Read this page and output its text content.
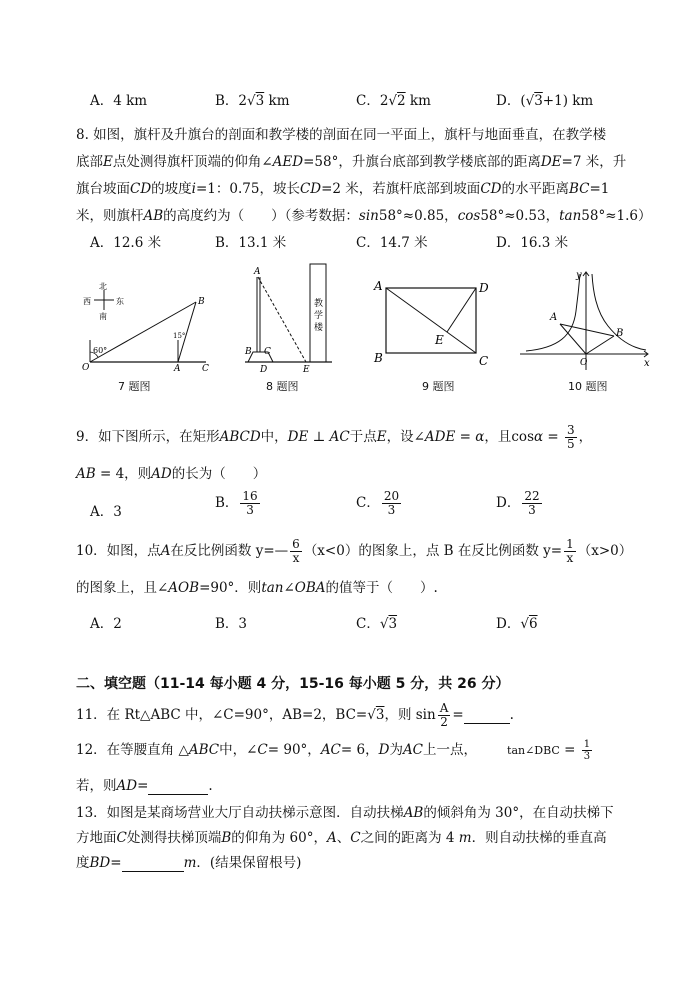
A．4 km	B．2√3 km	C．2√2 km	D．(√3+1) km
8. 如图，旗杆及升旗台的剖面和教学楼的剖面在同一平面上，旗杆与地面垂直，在教学楼
底部E点处测得旗杆顶端的仰角∠AED=58°，升旗台底部到教学楼底部的距离DE=7 米，升
旗台坡面CD的坡度i=1：0.75，坡长CD=2 米，若旗杆底部到坡面CD的水平距离BC=1
米，则旗杆AB的高度约为（　　）（参考数据：sin58°≈0.85，cos58°≈0.53，tan58°≈1.6）
A．12.6 米	B．13.1 米	C．14.7 米	D．16.3 米
北
西	东
南
60°
15°
O	A
B
C
7 题图
教
学
楼
A
B C
D	E
8 题图
A	D
B	C
E
9 题图
y
x
A
B
O
10 题图
9．如下图所示，在矩形ABCD中，DE ⊥ AC于点E，设∠ADE = α，且$\cos\alpha = \frac{3}{5}$ ，
AB = 4，则AD的长为（　　）
A．3
B． $\frac{16}{3}$	C． $\frac{20}{3}$	D． $\frac{22}{3}$
10．如图，点A在反比例函数 y=— $\frac{6}{x} (x<0)$的图象上，点 B 在反比例函数 $y= \frac{1}{x} (x>0)$
的图象上，且∠AOB=90°．则tan∠OBA的值等于（　　）.
A．2	B．3	C．√3	D．√6
二、填空题（11-14 每小题 4 分，15-16 每小题 5 分，共 26 分）
11．在 Rt△ABC 中，∠C=90°，AB=2，BC=√3，则 $\sin \frac{A}{2}$ =	.
12．在等腰直角 △ABC中，∠C= 90°，AC= 6，D为AC上一点，	tan∠DBC = $\frac{1}{3}$
若，则AD=	.
13．如图是某商场营业大厅自动扶梯示意图．自动扶梯AB的倾斜角为 30°，在自动扶梯下
方地面C处测得扶梯顶端B的仰角为 60°，A、C之间的距离为 4 m．则自动扶梯的垂直高
度BD=	m．(结果保留根号)
